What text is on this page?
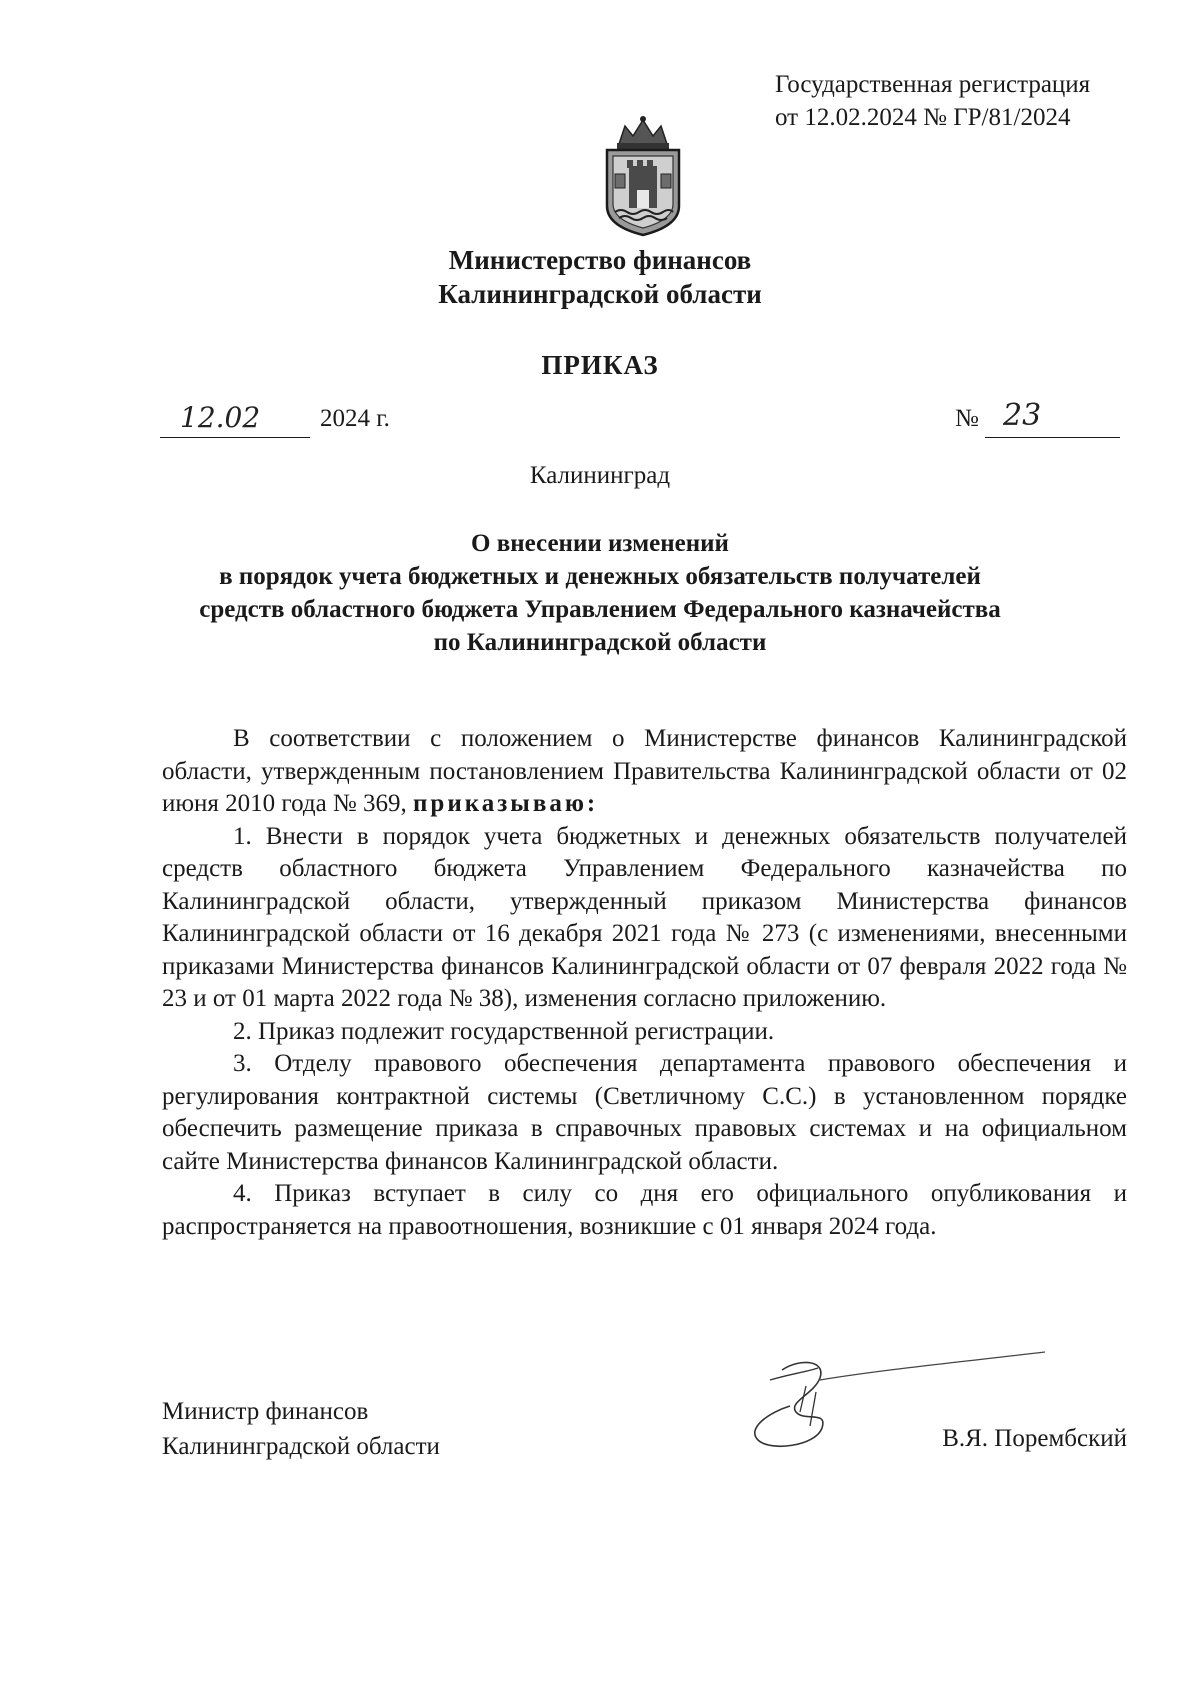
Государственная регистрация
от 12.02.2024 № ГР/81/2024
Министерство финансов
Калининградской области
ПРИКАЗ
12.02 2024 г.	№ 23
Калининград
О внесении изменений
в порядок учета бюджетных и денежных обязательств получателей
средств областного бюджета Управлением Федерального казначейства
по Калининградской области

В соответствии с положением о Министерстве финансов Калининградской области, утвержденным постановлением Правительства Калининградской области от 02 июня 2010 года № 369, приказываю:

1. Внести в порядок учета бюджетных и денежных обязательств получателей средств областного бюджета Управлением Федерального казначейства по Калининградской области, утвержденный приказом Министерства финансов Калининградской области от 16 декабря 2021 года № 273 (с изменениями, внесенными приказами Министерства финансов Калининградской области от 07 февраля 2022 года № 23 и от 01 марта 2022 года № 38), изменения согласно приложению.

2. Приказ подлежит государственной регистрации.

3. Отделу правового обеспечения департамента правового обеспечения и регулирования контрактной системы (Светличному С.С.) в установленном порядке обеспечить размещение приказа в справочных правовых системах и на официальном сайте Министерства финансов Калининградской области.

4. Приказ вступает в силу со дня его официального опубликования и распространяется на правоотношения, возникшие с 01 января 2024 года.

Министр финансов
Калининградской области	В.Я. Порембский
